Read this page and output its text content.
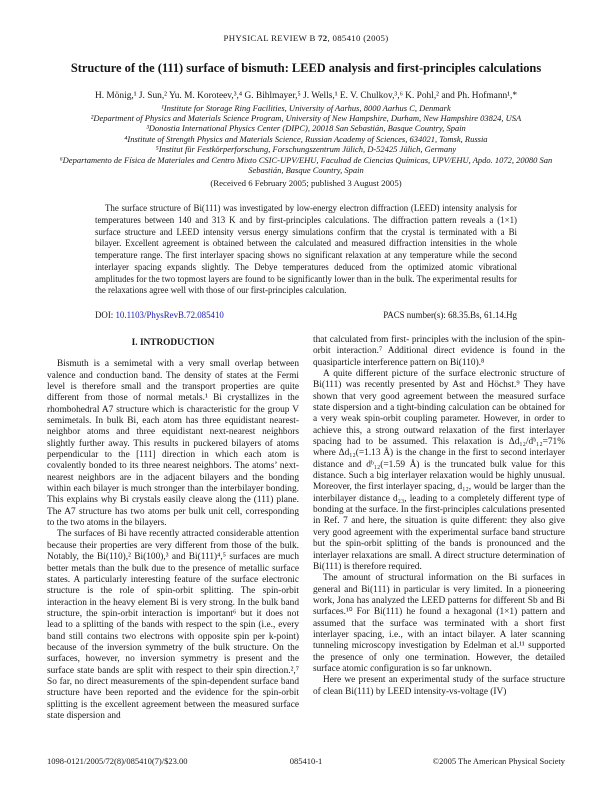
PHYSICAL REVIEW B 72, 085410 (2005)
Structure of the (111) surface of bismuth: LEED analysis and first-principles calculations
H. Mönig,¹ J. Sun,² Yu. M. Koroteev,³,⁴ G. Bihlmayer,⁵ J. Wells,¹ E. V. Chulkov,³,⁶ K. Pohl,² and Ph. Hofmann¹,*
¹Institute for Storage Ring Facilities, University of Aarhus, 8000 Aarhus C, Denmark
²Department of Physics and Materials Science Program, University of New Hampshire, Durham, New Hampshire 03824, USA
³Donostia International Physics Center (DIPC), 20018 San Sebastián, Basque Country, Spain
⁴Institute of Strength Physics and Materials Science, Russian Academy of Sciences, 634021, Tomsk, Russia
⁵Institut für Festkörperforschung, Forschungszentrum Jülich, D-52425 Jülich, Germany
⁶Departamento de Física de Materiales and Centro Mixto CSIC-UPV/EHU, Facultad de Ciencias Químicas, UPV/EHU, Apdo. 1072, 20080 San Sebastián, Basque Country, Spain
(Received 6 February 2005; published 3 August 2005)
The surface structure of Bi(111) was investigated by low-energy electron diffraction (LEED) intensity analysis for temperatures between 140 and 313 K and by first-principles calculations. The diffraction pattern reveals a (1×1) surface structure and LEED intensity versus energy simulations confirm that the crystal is terminated with a Bi bilayer. Excellent agreement is obtained between the calculated and measured diffraction intensities in the whole temperature range. The first interlayer spacing shows no significant relaxation at any temperature while the second interlayer spacing expands slightly. The Debye temperatures deduced from the optimized atomic vibrational amplitudes for the two topmost layers are found to be significantly lower than in the bulk. The experimental results for the relaxations agree well with those of our first-principles calculation.
DOI: 10.1103/PhysRevB.72.085410	PACS number(s): 68.35.Bs, 61.14.Hg
I. INTRODUCTION

Bismuth is a semimetal with a very small overlap between valence and conduction band. The density of states at the Fermi level is therefore small and the transport properties are quite different from those of normal metals.¹ Bi crystallizes in the rhombohedral A7 structure which is characteristic for the group V semimetals. In bulk Bi, each atom has three equidistant nearest-neighbor atoms and three equidistant next-nearest neighbors slightly further away. This results in puckered bilayers of atoms perpendicular to the [111] direction in which each atom is covalently bonded to its three nearest neighbors. The atoms’ next-nearest neighbors are in the adjacent bilayers and the bonding within each bilayer is much stronger than the interbilayer bonding. This explains why Bi crystals easily cleave along the (111) plane. The A7 structure has two atoms per bulk unit cell, corresponding to the two atoms in the bilayers.

The surfaces of Bi have recently attracted considerable attention because their properties are very different from those of the bulk. Notably, the Bi(110),² Bi(100),³ and Bi(111)⁴,⁵ surfaces are much better metals than the bulk due to the presence of metallic surface states. A particularly interesting feature of the surface electronic structure is the role of spin-orbit splitting. The spin-orbit interaction in the heavy element Bi is very strong. In the bulk band structure, the spin-orbit interaction is important⁶ but it does not lead to a splitting of the bands with respect to the spin (i.e., every band still contains two electrons with opposite spin per k-point) because of the inversion symmetry of the bulk structure. On the surfaces, however, no inversion symmetry is present and the surface state bands are split with respect to their spin direction.²,⁷ So far, no direct measurements of the spin-dependent surface band structure have been reported and the evidence for the spin-orbit splitting is the excellent agreement between the measured surface state dispersion and

that calculated from first- principles with the inclusion of the spin-orbit interaction.⁷ Additional direct evidence is found in the quasiparticle interference pattern on Bi(110).⁸

A quite different picture of the surface electronic structure of Bi(111) was recently presented by Ast and Höchst.⁹ They have shown that very good agreement between the measured surface state dispersion and a tight-binding calculation can be obtained for a very weak spin-orbit coupling parameter. However, in order to achieve this, a strong outward relaxation of the first interlayer spacing had to be assumed. This relaxation is Δd₁₂/dᵇ₁₂=71% where Δd₁₂(=1.13 Å) is the change in the first to second interlayer distance and dᵇ₁₂(=1.59 Å) is the truncated bulk value for this distance. Such a big interlayer relaxation would be highly unusual. Moreover, the first interlayer spacing, d₁₂, would be larger than the interbilayer distance d₂₃, leading to a completely different type of bonding at the surface. In the first-principles calculations presented in Ref. 7 and here, the situation is quite different: they also give very good agreement with the experimental surface band structure but the spin-orbit splitting of the bands is pronounced and the interlayer relaxations are small. A direct structure determination of Bi(111) is therefore required.

The amount of structural information on the Bi surfaces in general and Bi(111) in particular is very limited. In a pioneering work, Jona has analyzed the LEED patterns for different Sb and Bi surfaces.¹⁰ For Bi(111) he found a hexagonal (1×1) pattern and assumed that the surface was terminated with a short first interlayer spacing, i.e., with an intact bilayer. A later scanning tunneling microscopy investigation by Edelman et al.¹¹ supported the presence of only one termination. However, the detailed surface atomic configuration is so far unknown.

Here we present an experimental study of the surface structure of clean Bi(111) by LEED intensity-vs-voltage (IV)

1098-0121/2005/72(8)/085410(7)/$23.00	085410-1	©2005 The American Physical Society
